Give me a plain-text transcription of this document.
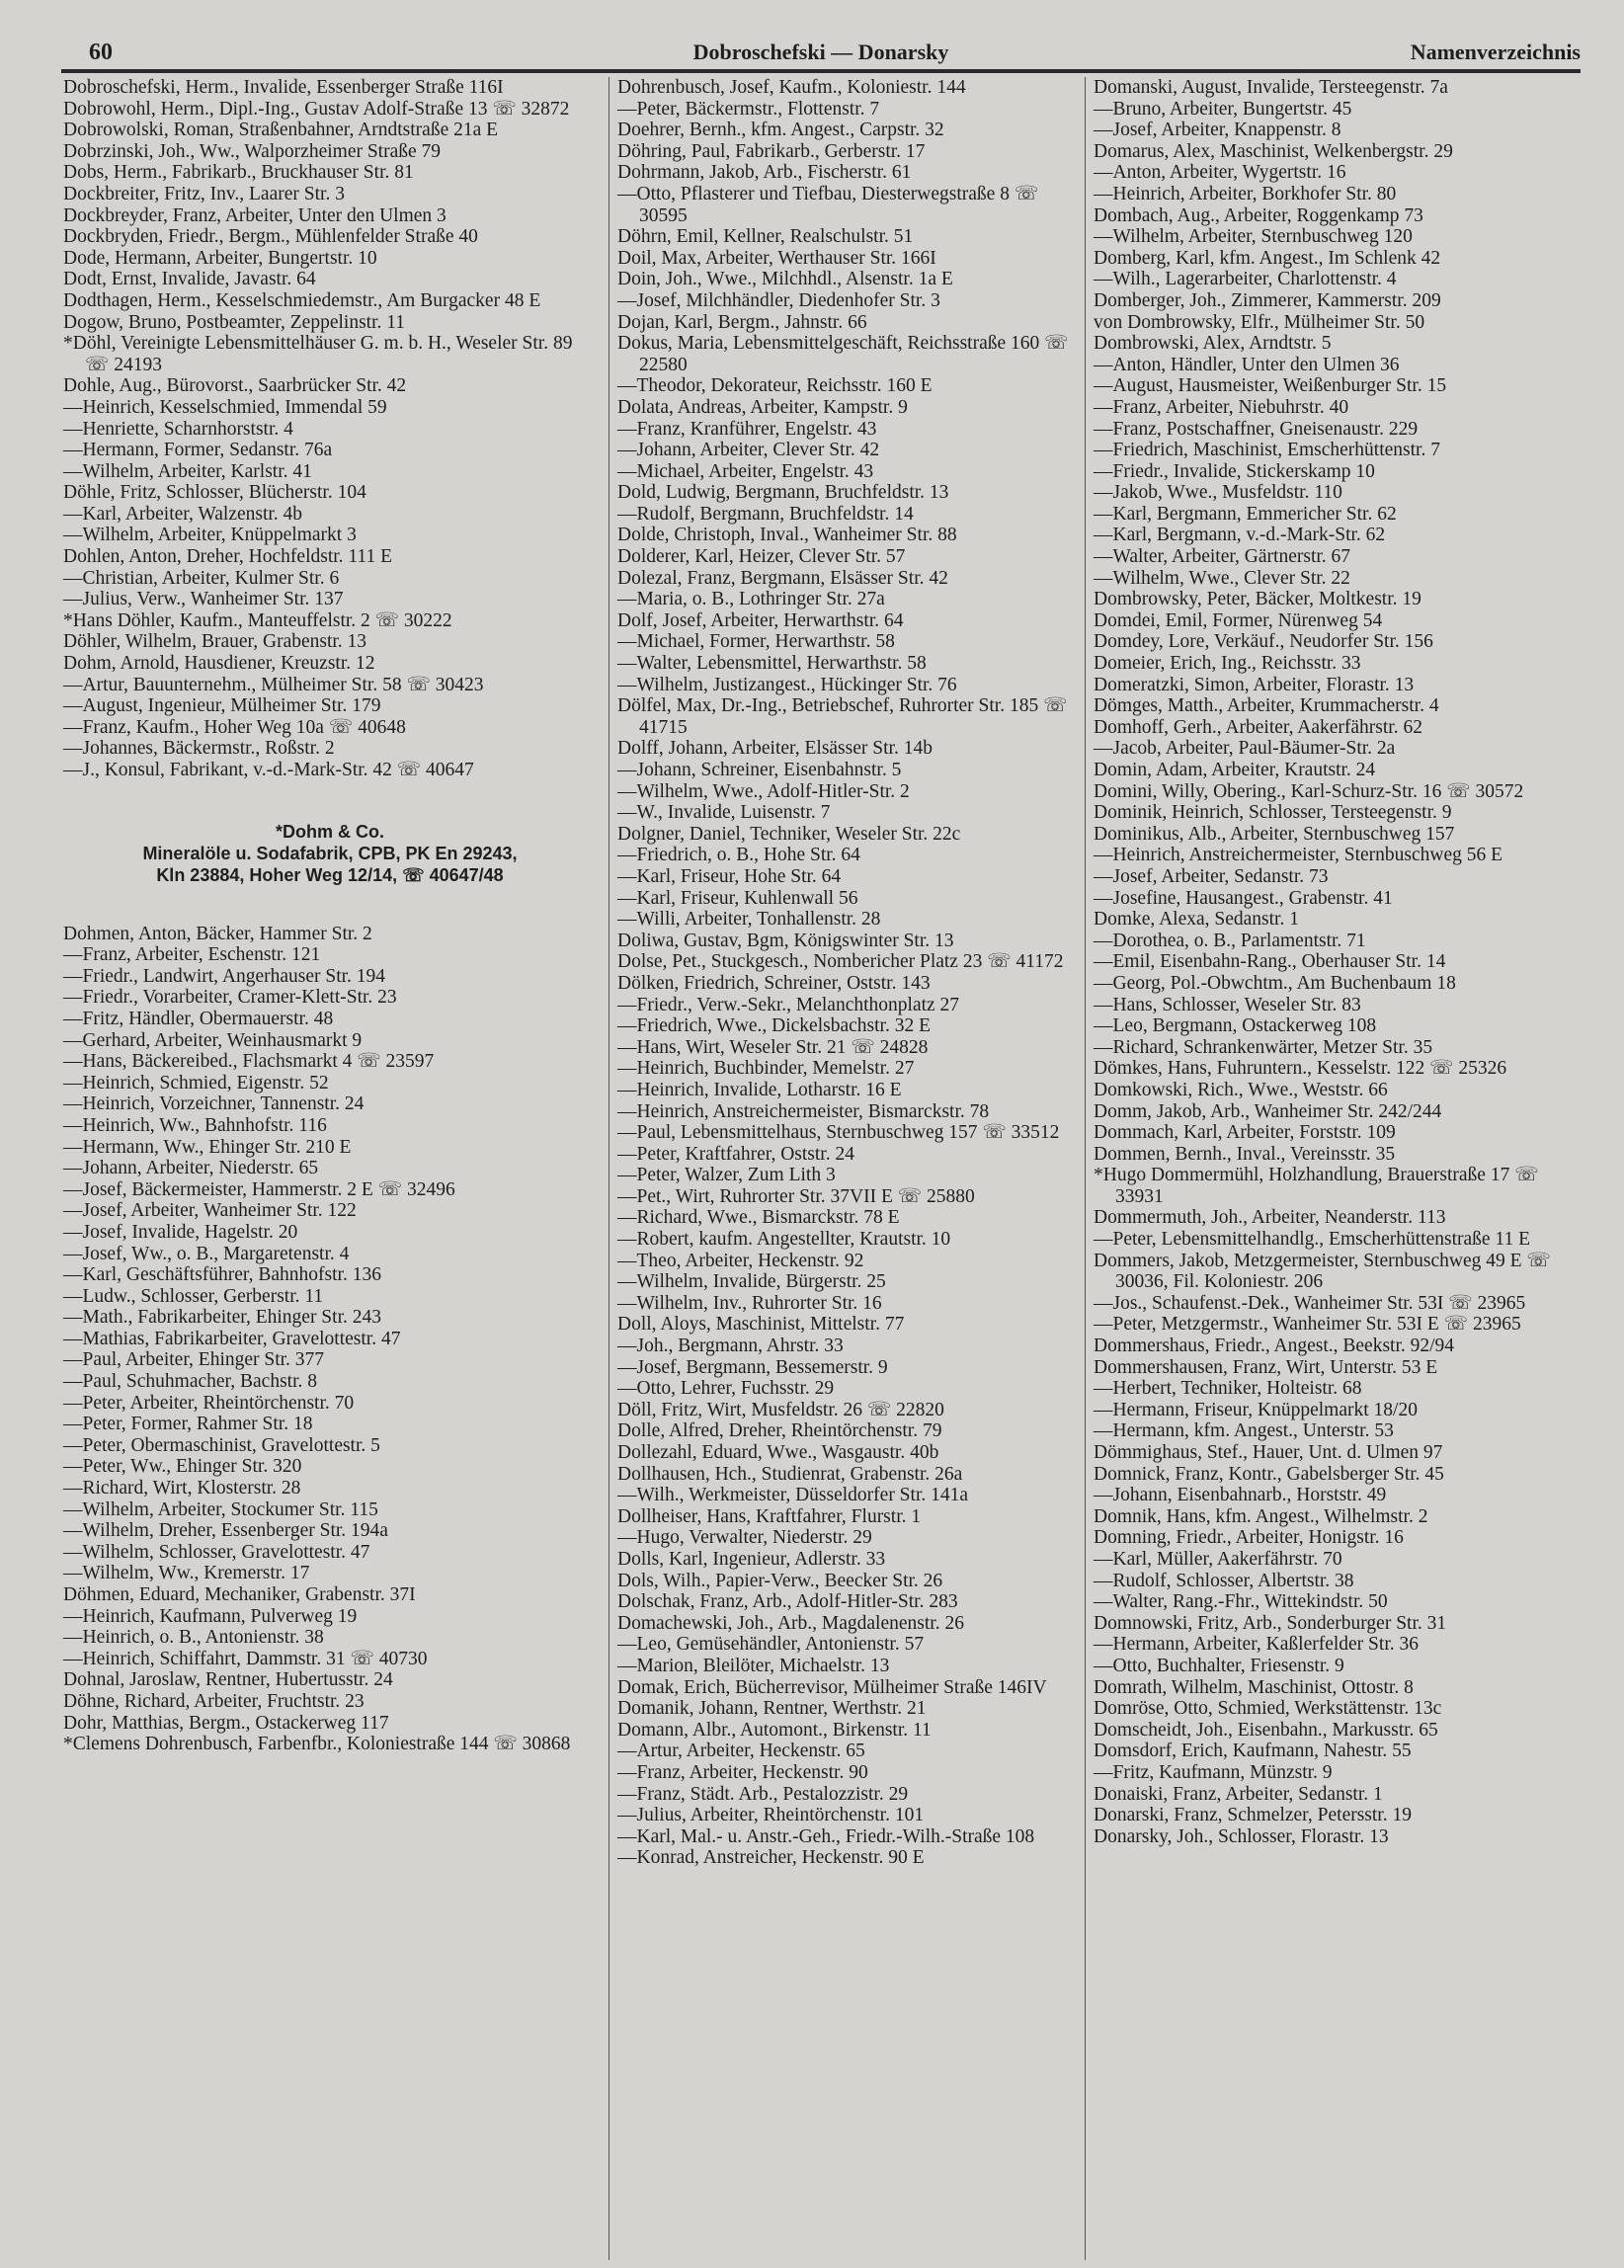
60	Dobroschefski — Donarsky	Namenverzeichnis

Dobroschefski, Herm., Invalide, Essenberger Straße 116I

Dobrowohl, Herm., Dipl.-Ing., Gustav Adolf-Straße 13 ☏ 32872

Dobrowolski, Roman, Straßenbahner, Arndtstraße 21a E

Dobrzinski, Joh., Ww., Walporzheimer Straße 79

Dobs, Herm., Fabrikarb., Bruckhauser Str. 81

Dockbreiter, Fritz, Inv., Laarer Str. 3

Dockbreyder, Franz, Arbeiter, Unter den Ulmen 3

Dockbryden, Friedr., Bergm., Mühlenfelder Straße 40

Dode, Hermann, Arbeiter, Bungertstr. 10

Dodt, Ernst, Invalide, Javastr. 64

Dodthagen, Herm., Kesselschmiedemstr., Am Burgacker 48 E

Dogow, Bruno, Postbeamter, Zeppelinstr. 11

*Döhl, Vereinigte Lebensmittelhäuser G. m. b. H., Weseler Str. 89 ☏ 24193

Dohle, Aug., Bürovorst., Saarbrücker Str. 42

—Heinrich, Kesselschmied, Immendal 59

—Henriette, Scharnhorststr. 4

—Hermann, Former, Sedanstr. 76a

—Wilhelm, Arbeiter, Karlstr. 41

Döhle, Fritz, Schlosser, Blücherstr. 104

—Karl, Arbeiter, Walzenstr. 4b

—Wilhelm, Arbeiter, Knüppelmarkt 3

Dohlen, Anton, Dreher, Hochfeldstr. 111 E

—Christian, Arbeiter, Kulmer Str. 6

—Julius, Verw., Wanheimer Str. 137

*Hans Döhler, Kaufm., Manteuffelstr. 2 ☏ 30222

Döhler, Wilhelm, Brauer, Grabenstr. 13

Dohm, Arnold, Hausdiener, Kreuzstr. 12

—Artur, Bauunternehm., Mülheimer Str. 58 ☏ 30423

—August, Ingenieur, Mülheimer Str. 179

—Franz, Kaufm., Hoher Weg 10a ☏ 40648

—Johannes, Bäckermstr., Roßstr. 2

—J., Konsul, Fabrikant, v.-d.-Mark-Str. 42 ☏ 40647

*Dohm & Co.
Mineralöle u. Sodafabrik, CPB, PK En 29243,
Kln 23884, Hoher Weg 12/14, ☏ 40647/48

Dohmen, Anton, Bäcker, Hammer Str. 2

—Franz, Arbeiter, Eschenstr. 121

—Friedr., Landwirt, Angerhauser Str. 194

—Friedr., Vorarbeiter, Cramer-Klett-Str. 23

—Fritz, Händler, Obermauerstr. 48

—Gerhard, Arbeiter, Weinhausmarkt 9

—Hans, Bäckereibed., Flachsmarkt 4 ☏ 23597

—Heinrich, Schmied, Eigenstr. 52

—Heinrich, Vorzeichner, Tannenstr. 24

—Heinrich, Ww., Bahnhofstr. 116

—Hermann, Ww., Ehinger Str. 210 E

—Johann, Arbeiter, Niederstr. 65

—Josef, Bäckermeister, Hammerstr. 2 E ☏ 32496

—Josef, Arbeiter, Wanheimer Str. 122

—Josef, Invalide, Hagelstr. 20

—Josef, Ww., o. B., Margaretenstr. 4

—Karl, Geschäftsführer, Bahnhofstr. 136

—Ludw., Schlosser, Gerberstr. 11

—Math., Fabrikarbeiter, Ehinger Str. 243

—Mathias, Fabrikarbeiter, Gravelottestr. 47

—Paul, Arbeiter, Ehinger Str. 377

—Paul, Schuhmacher, Bachstr. 8

—Peter, Arbeiter, Rheintörchenstr. 70

—Peter, Former, Rahmer Str. 18

—Peter, Obermaschinist, Gravelottestr. 5

—Peter, Ww., Ehinger Str. 320

—Richard, Wirt, Klosterstr. 28

—Wilhelm, Arbeiter, Stockumer Str. 115

—Wilhelm, Dreher, Essenberger Str. 194a

—Wilhelm, Schlosser, Gravelottestr. 47

—Wilhelm, Ww., Kremerstr. 17

Döhmen, Eduard, Mechaniker, Grabenstr. 37I

—Heinrich, Kaufmann, Pulverweg 19

—Heinrich, o. B., Antonienstr. 38

—Heinrich, Schiffahrt, Dammstr. 31 ☏ 40730

Dohnal, Jaroslaw, Rentner, Hubertusstr. 24

Döhne, Richard, Arbeiter, Fruchtstr. 23

Dohr, Matthias, Bergm., Ostackerweg 117

*Clemens Dohrenbusch, Farbenfbr., Koloniestraße 144 ☏ 30868

Dohrenbusch, Josef, Kaufm., Koloniestr. 144

—Peter, Bäckermstr., Flottenstr. 7

Doehrer, Bernh., kfm. Angest., Carpstr. 32

Döhring, Paul, Fabrikarb., Gerberstr. 17

Dohrmann, Jakob, Arb., Fischerstr. 61

—Otto, Pflasterer und Tiefbau, Diesterwegstraße 8 ☏ 30595

Döhrn, Emil, Kellner, Realschulstr. 51

Doil, Max, Arbeiter, Werthauser Str. 166I

Doin, Joh., Wwe., Milchhdl., Alsenstr. 1a E

—Josef, Milchhändler, Diedenhofer Str. 3

Dojan, Karl, Bergm., Jahnstr. 66

Dokus, Maria, Lebensmittelgeschäft, Reichsstraße 160 ☏ 22580

—Theodor, Dekorateur, Reichsstr. 160 E

Dolata, Andreas, Arbeiter, Kampstr. 9

—Franz, Kranführer, Engelstr. 43

—Johann, Arbeiter, Clever Str. 42

—Michael, Arbeiter, Engelstr. 43

Dold, Ludwig, Bergmann, Bruchfeldstr. 13

—Rudolf, Bergmann, Bruchfeldstr. 14

Dolde, Christoph, Inval., Wanheimer Str. 88

Dolderer, Karl, Heizer, Clever Str. 57

Dolezal, Franz, Bergmann, Elsässer Str. 42

—Maria, o. B., Lothringer Str. 27a

Dolf, Josef, Arbeiter, Herwarthstr. 64

—Michael, Former, Herwarthstr. 58

—Walter, Lebensmittel, Herwarthstr. 58

—Wilhelm, Justizangest., Hückinger Str. 76

Dölfel, Max, Dr.-Ing., Betriebschef, Ruhrorter Str. 185 ☏ 41715

Dolff, Johann, Arbeiter, Elsässer Str. 14b

—Johann, Schreiner, Eisenbahnstr. 5

—Wilhelm, Wwe., Adolf-Hitler-Str. 2

—W., Invalide, Luisenstr. 7

Dolgner, Daniel, Techniker, Weseler Str. 22c

—Friedrich, o. B., Hohe Str. 64

—Karl, Friseur, Hohe Str. 64

—Karl, Friseur, Kuhlenwall 56

—Willi, Arbeiter, Tonhallenstr. 28

Doliwa, Gustav, Bgm, Königswinter Str. 13

Dolse, Pet., Stuckgesch., Nombericher Platz 23 ☏ 41172

Dölken, Friedrich, Schreiner, Oststr. 143

—Friedr., Verw.-Sekr., Melanchthonplatz 27

—Friedrich, Wwe., Dickelsbachstr. 32 E

—Hans, Wirt, Weseler Str. 21 ☏ 24828

—Heinrich, Buchbinder, Memelstr. 27

—Heinrich, Invalide, Lotharstr. 16 E

—Heinrich, Anstreichermeister, Bismarckstr. 78

—Paul, Lebensmittelhaus, Sternbuschweg 157 ☏ 33512

—Peter, Kraftfahrer, Oststr. 24

—Peter, Walzer, Zum Lith 3

—Pet., Wirt, Ruhrorter Str. 37VII E ☏ 25880

—Richard, Wwe., Bismarckstr. 78 E

—Robert, kaufm. Angestellter, Krautstr. 10

—Theo, Arbeiter, Heckenstr. 92

—Wilhelm, Invalide, Bürgerstr. 25

—Wilhelm, Inv., Ruhrorter Str. 16

Doll, Aloys, Maschinist, Mittelstr. 77

—Joh., Bergmann, Ahrstr. 33

—Josef, Bergmann, Bessemerstr. 9

—Otto, Lehrer, Fuchsstr. 29

Döll, Fritz, Wirt, Musfeldstr. 26 ☏ 22820

Dolle, Alfred, Dreher, Rheintörchenstr. 79

Dollezahl, Eduard, Wwe., Wasgaustr. 40b

Dollhausen, Hch., Studienrat, Grabenstr. 26a

—Wilh., Werkmeister, Düsseldorfer Str. 141a

Dollheiser, Hans, Kraftfahrer, Flurstr. 1

—Hugo, Verwalter, Niederstr. 29

Dolls, Karl, Ingenieur, Adlerstr. 33

Dols, Wilh., Papier-Verw., Beecker Str. 26

Dolschak, Franz, Arb., Adolf-Hitler-Str. 283

Domachewski, Joh., Arb., Magdalenenstr. 26

—Leo, Gemüsehändler, Antonienstr. 57

—Marion, Bleilöter, Michaelstr. 13

Domak, Erich, Bücherrevisor, Mülheimer Straße 146IV

Domanik, Johann, Rentner, Werthstr. 21

Domann, Albr., Automont., Birkenstr. 11

—Artur, Arbeiter, Heckenstr. 65

—Franz, Arbeiter, Heckenstr. 90

—Franz, Städt. Arb., Pestalozzistr. 29

—Julius, Arbeiter, Rheintörchenstr. 101

—Karl, Mal.- u. Anstr.-Geh., Friedr.-Wilh.-Straße 108

—Konrad, Anstreicher, Heckenstr. 90 E

Domanski, August, Invalide, Tersteegenstr. 7a

—Bruno, Arbeiter, Bungertstr. 45

—Josef, Arbeiter, Knappenstr. 8

Domarus, Alex, Maschinist, Welkenbergstr. 29

—Anton, Arbeiter, Wygertstr. 16

—Heinrich, Arbeiter, Borkhofer Str. 80

Dombach, Aug., Arbeiter, Roggenkamp 73

—Wilhelm, Arbeiter, Sternbuschweg 120

Domberg, Karl, kfm. Angest., Im Schlenk 42

—Wilh., Lagerarbeiter, Charlottenstr. 4

Domberger, Joh., Zimmerer, Kammerstr. 209

von Dombrowsky, Elfr., Mülheimer Str. 50

Dombrowski, Alex, Arndtstr. 5

—Anton, Händler, Unter den Ulmen 36

—August, Hausmeister, Weißenburger Str. 15

—Franz, Arbeiter, Niebuhrstr. 40

—Franz, Postschaffner, Gneisenaustr. 229

—Friedrich, Maschinist, Emscherhüttenstr. 7

—Friedr., Invalide, Stickerskamp 10

—Jakob, Wwe., Musfeldstr. 110

—Karl, Bergmann, Emmericher Str. 62

—Karl, Bergmann, v.-d.-Mark-Str. 62

—Walter, Arbeiter, Gärtnerstr. 67

—Wilhelm, Wwe., Clever Str. 22

Dombrowsky, Peter, Bäcker, Moltkestr. 19

Domdei, Emil, Former, Nürenweg 54

Domdey, Lore, Verkäuf., Neudorfer Str. 156

Domeier, Erich, Ing., Reichsstr. 33

Domeratzki, Simon, Arbeiter, Florastr. 13

Dömges, Matth., Arbeiter, Krummacherstr. 4

Domhoff, Gerh., Arbeiter, Aakerfährstr. 62

—Jacob, Arbeiter, Paul-Bäumer-Str. 2a

Domin, Adam, Arbeiter, Krautstr. 24

Domini, Willy, Obering., Karl-Schurz-Str. 16 ☏ 30572

Dominik, Heinrich, Schlosser, Tersteegenstr. 9

Dominikus, Alb., Arbeiter, Sternbuschweg 157

—Heinrich, Anstreichermeister, Sternbuschweg 56 E

—Josef, Arbeiter, Sedanstr. 73

—Josefine, Hausangest., Grabenstr. 41

Domke, Alexa, Sedanstr. 1

—Dorothea, o. B., Parlamentstr. 71

—Emil, Eisenbahn-Rang., Oberhauser Str. 14

—Georg, Pol.-Obwchtm., Am Buchenbaum 18

—Hans, Schlosser, Weseler Str. 83

—Leo, Bergmann, Ostackerweg 108

—Richard, Schrankenwärter, Metzer Str. 35

Dömkes, Hans, Fuhruntern., Kesselstr. 122 ☏ 25326

Domkowski, Rich., Wwe., Weststr. 66

Domm, Jakob, Arb., Wanheimer Str. 242/244

Dommach, Karl, Arbeiter, Forststr. 109

Dommen, Bernh., Inval., Vereinsstr. 35

*Hugo Dommermühl, Holzhandlung, Brauerstraße 17 ☏ 33931

Dommermuth, Joh., Arbeiter, Neanderstr. 113

—Peter, Lebensmittelhandlg., Emscherhüttenstraße 11 E

Dommers, Jakob, Metzgermeister, Sternbuschweg 49 E ☏ 30036, Fil. Koloniestr. 206

—Jos., Schaufenst.-Dek., Wanheimer Str. 53I ☏ 23965

—Peter, Metzgermstr., Wanheimer Str. 53I E ☏ 23965

Dommershaus, Friedr., Angest., Beekstr. 92/94

Dommershausen, Franz, Wirt, Unterstr. 53 E

—Herbert, Techniker, Holteistr. 68

—Hermann, Friseur, Knüppelmarkt 18/20

—Hermann, kfm. Angest., Unterstr. 53

Dömmighaus, Stef., Hauer, Unt. d. Ulmen 97

Domnick, Franz, Kontr., Gabelsberger Str. 45

—Johann, Eisenbahnarb., Horststr. 49

Domnik, Hans, kfm. Angest., Wilhelmstr. 2

Domning, Friedr., Arbeiter, Honigstr. 16

—Karl, Müller, Aakerfährstr. 70

—Rudolf, Schlosser, Albertstr. 38

—Walter, Rang.-Fhr., Wittekindstr. 50

Domnowski, Fritz, Arb., Sonderburger Str. 31

—Hermann, Arbeiter, Kaßlerfelder Str. 36

—Otto, Buchhalter, Friesenstr. 9

Domrath, Wilhelm, Maschinist, Ottostr. 8

Domröse, Otto, Schmied, Werkstättenstr. 13c

Domscheidt, Joh., Eisenbahn., Markusstr. 65

Domsdorf, Erich, Kaufmann, Nahestr. 55

—Fritz, Kaufmann, Münzstr. 9

Donaiski, Franz, Arbeiter, Sedanstr. 1

Donarski, Franz, Schmelzer, Petersstr. 19

Donarsky, Joh., Schlosser, Florastr. 13
